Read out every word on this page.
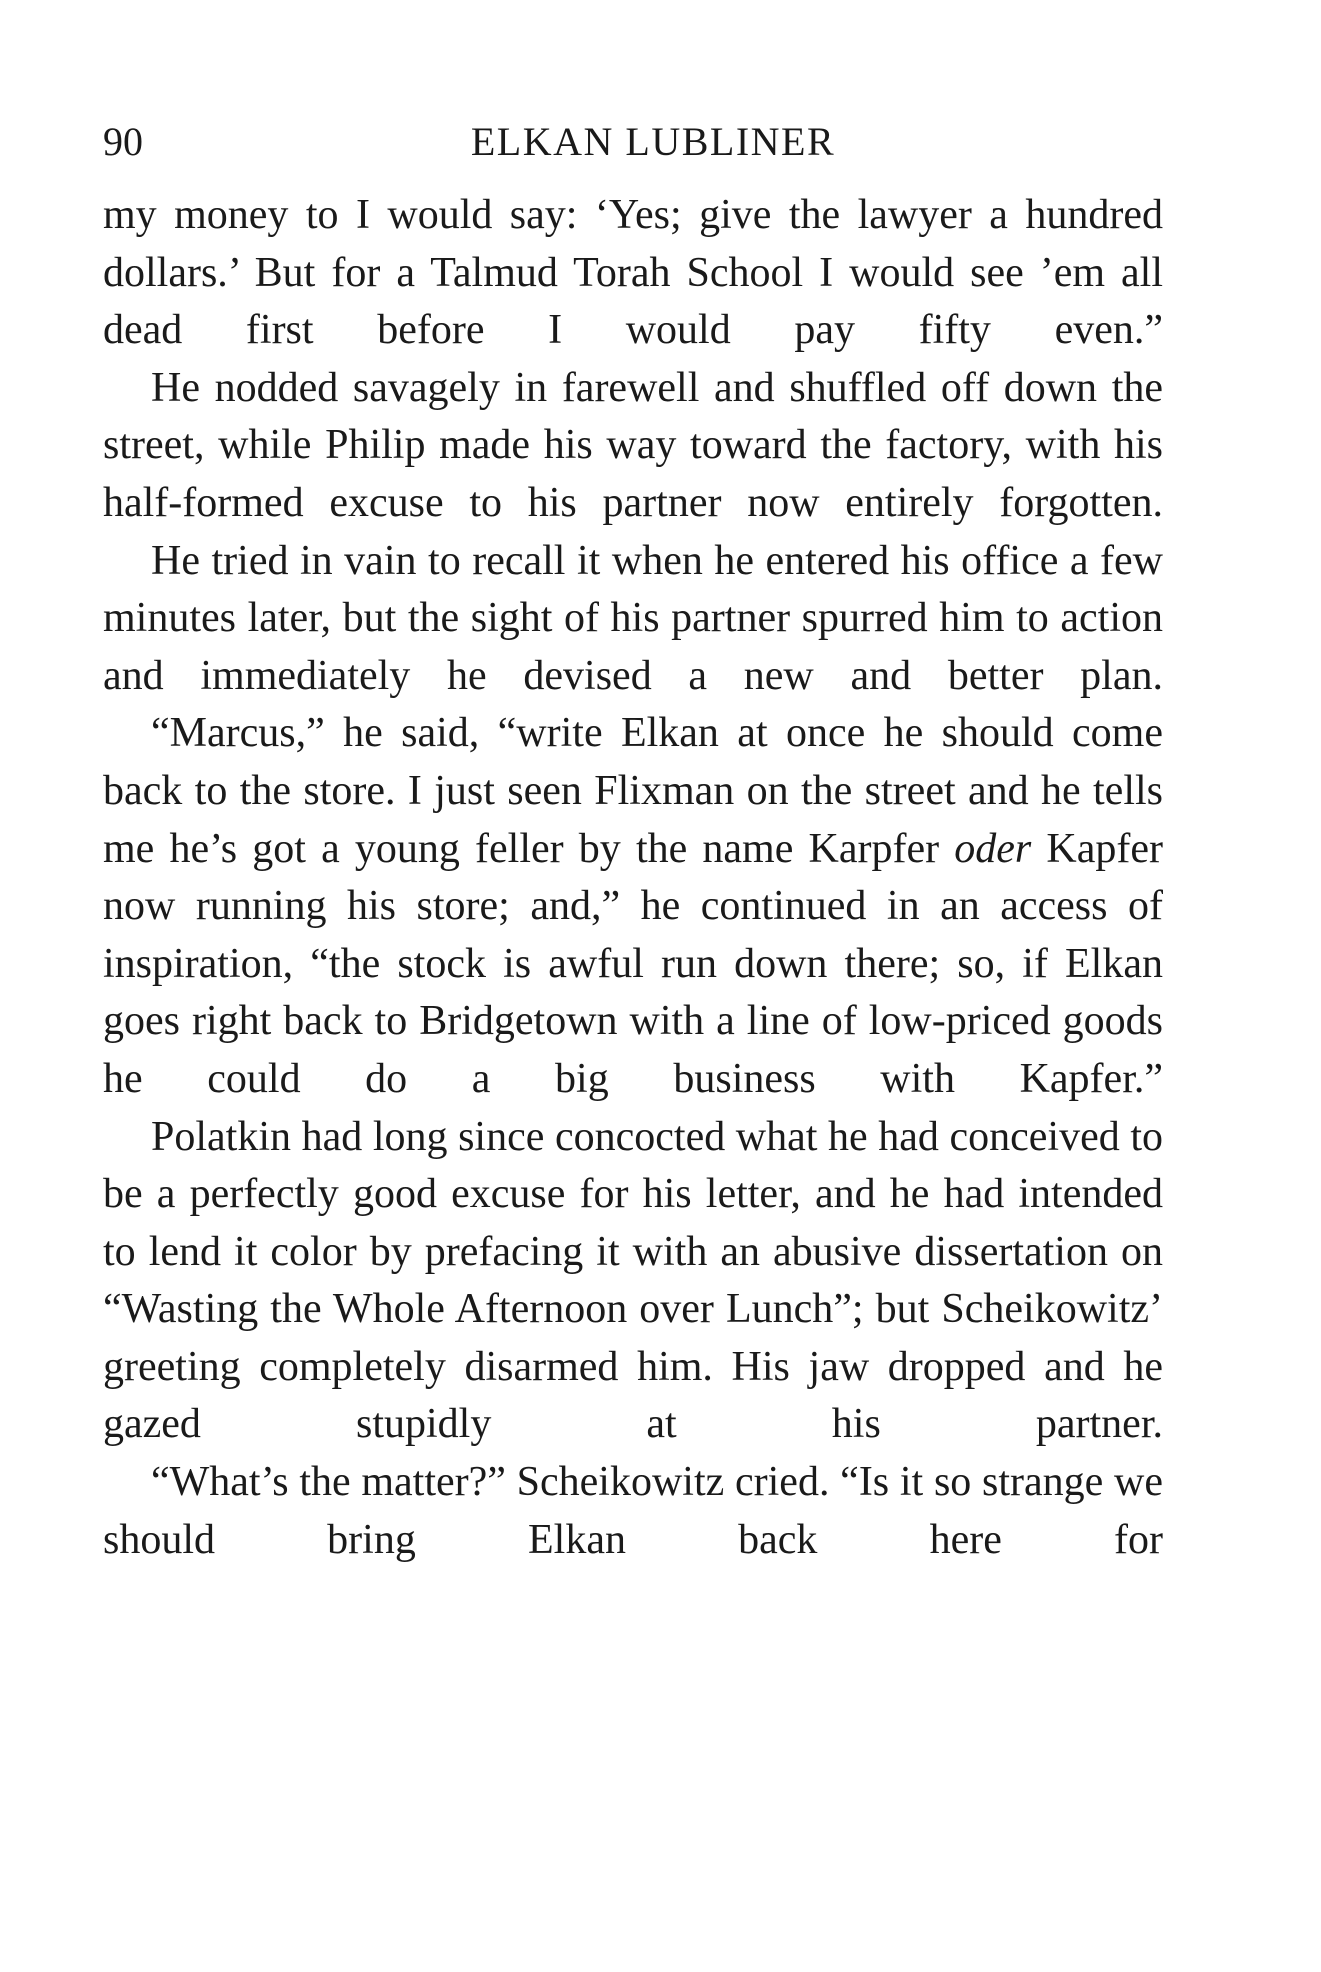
90	ELKAN LUBLINER

my money to I would say: ‘Yes; give the lawyer a hundred dollars.’ But for a Talmud Torah School I would see ’em all dead first before I would pay fifty even.”

He nodded savagely in farewell and shuffled off down the street, while Philip made his way toward the factory, with his half-formed excuse to his partner now entirely forgotten.

He tried in vain to recall it when he entered his office a few minutes later, but the sight of his partner spurred him to action and immediately he devised a new and better plan.

“Marcus,” he said, “write Elkan at once he should come back to the store. I just seen Flixman on the street and he tells me he’s got a young feller by the name Karpfer oder Kapfer now running his store; and,” he continued in an access of inspiration, “the stock is awful run down there; so, if Elkan goes right back to Bridgetown with a line of low-priced goods he could do a big business with Kapfer.”

Polatkin had long since concocted what he had conceived to be a perfectly good excuse for his letter, and he had intended to lend it color by prefacing it with an abusive dissertation on “Wasting the Whole Afternoon over Lunch”; but Scheikowitz’ greeting completely disarmed him. His jaw dropped and he gazed stupidly at his partner.

“What’s the matter?” Scheikowitz cried. “Is it so strange we should bring Elkan back here for
